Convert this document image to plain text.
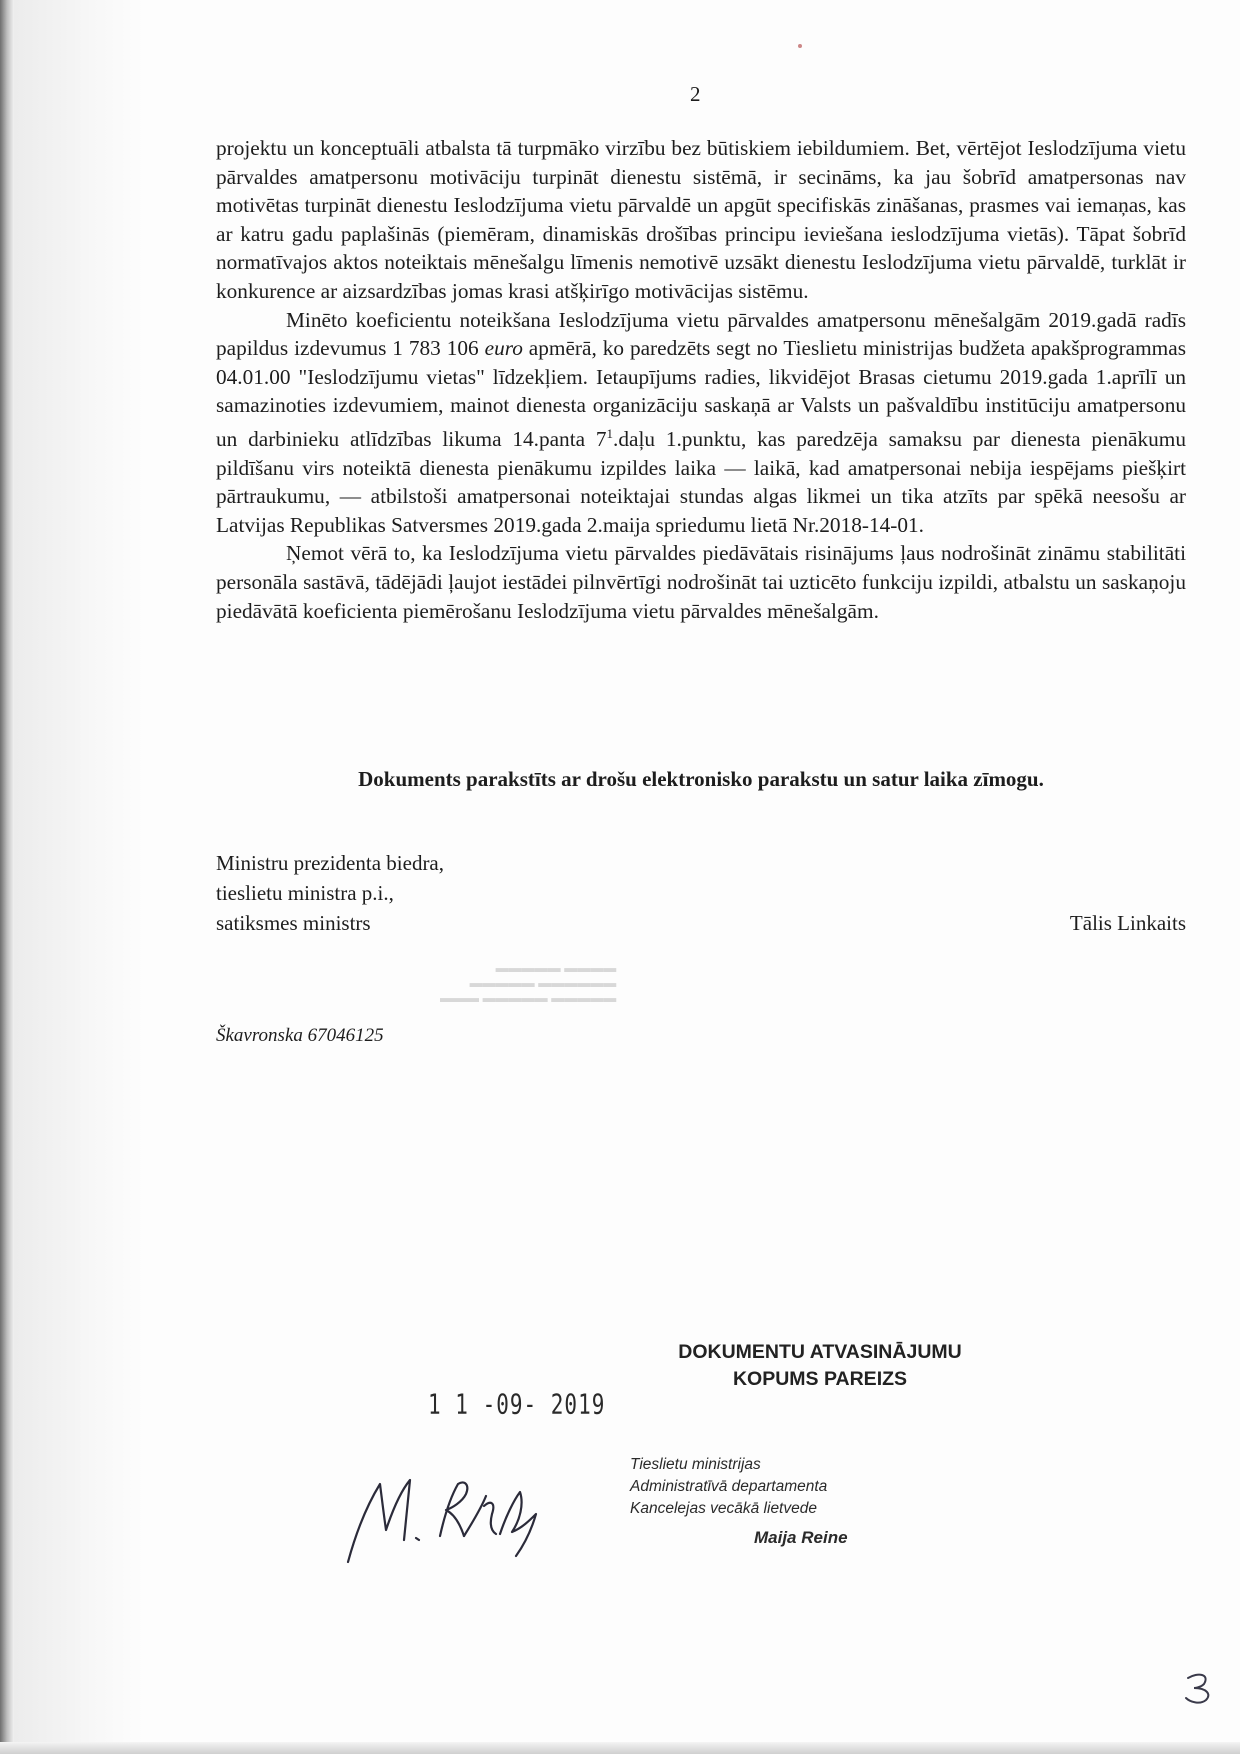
▬▬▬▬ ▬▬▬▬▬
▬▬▬▬▬▬ ▬▬▬▬▬
▬▬▬▬▬ ▬▬▬▬▬ ▬▬▬
2

projektu un konceptuāli atbalsta tā turpmāko virzību bez būtiskiem iebildumiem. Bet, vērtējot Ieslodzījuma vietu pārvaldes amatpersonu motivāciju turpināt dienestu sistēmā, ir secināms, ka jau šobrīd amatpersonas nav motivētas turpināt dienestu Ieslodzījuma vietu pārvaldē un apgūt specifiskās zināšanas, prasmes vai iemaņas, kas ar katru gadu paplašinās (piemēram, dinamiskās drošības principu ieviešana ieslodzījuma vietās). Tāpat šobrīd normatīvajos aktos noteiktais mēnešalgu līmenis nemotivē uzsākt dienestu Ieslodzījuma vietu pārvaldē, turklāt ir konkurence ar aizsardzības jomas krasi atšķirīgo motivācijas sistēmu.

Minēto koeficientu noteikšana Ieslodzījuma vietu pārvaldes amatpersonu mēnešalgām 2019.gadā radīs papildus izdevumus 1 783 106 euro apmērā, ko paredzēts segt no Tieslietu ministrijas budžeta apakšprogrammas 04.01.00 "Ieslodzījumu vietas" līdzekļiem. Ietaupījums radies, likvidējot Brasas cietumu 2019.gada 1.aprīlī un samazinoties izdevumiem, mainot dienesta organizāciju saskaņā ar Valsts un pašvaldību institūciju amatpersonu un darbinieku atlīdzības likuma 14.panta $7^1.daļu$ 1.punktu, kas paredzēja samaksu par dienesta pienākumu pildīšanu virs noteiktā dienesta pienākumu izpildes laika — laikā, kad amatpersonai nebija iespējams piešķirt pārtraukumu, — atbilstoši amatpersonai noteiktajai stundas algas likmei un tika atzīts par spēkā neesošu ar Latvijas Republikas Satversmes 2019.gada 2.maija spriedumu lietā Nr.2018-14-01.

Ņemot vērā to, ka Ieslodzījuma vietu pārvaldes piedāvātais risinājums ļaus nodrošināt zināmu stabilitāti personāla sastāvā, tādējādi ļaujot iestādei pilnvērtīgi nodrošināt tai uzticēto funkciju izpildi, atbalstu un saskaņoju piedāvātā koeficienta piemērošanu Ieslodzījuma vietu pārvaldes mēnešalgām.

Dokuments parakstīts ar drošu elektronisko parakstu un satur laika zīmogu.
Ministru prezidenta biedra,
tieslietu ministra p.i.,
satiksmes ministrs	Tālis Linkaits
Škavronska 67046125
DOKUMENTU ATVASINĀJUMU
KOPUMS PAREIZS
1 1 -09- 2019
Tieslietu ministrijas
Administratīvā departamenta
Kancelejas vecākā lietvede
Maija Reine
